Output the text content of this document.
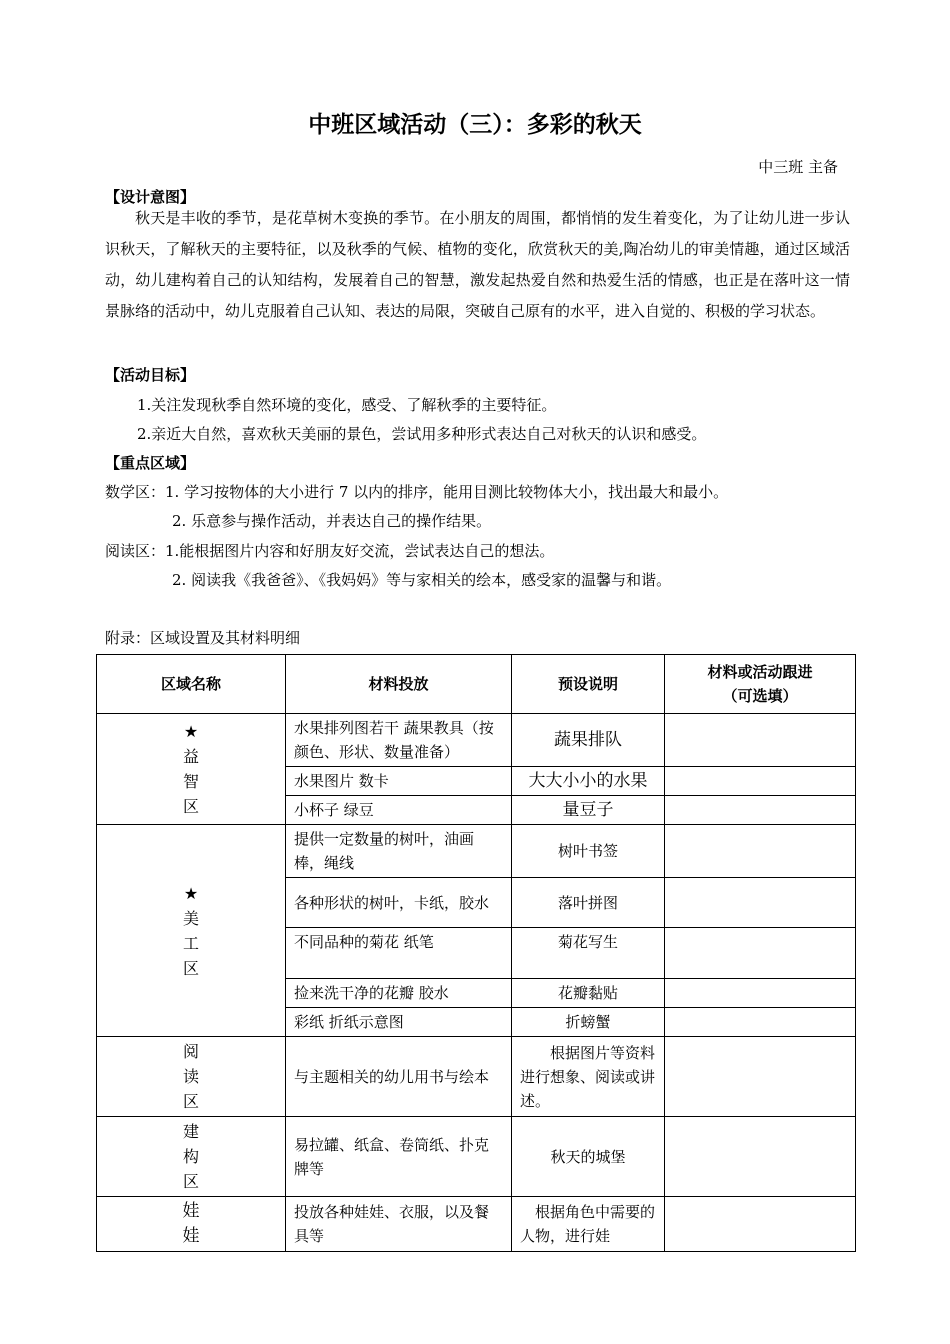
中班区域活动（三）：多彩的秋天
中三班 主备
【设计意图】
秋天是丰收的季节，是花草树木变换的季节。在小朋友的周围，都悄悄的发生着变化，为了让幼儿进一步认识秋天，了解秋天的主要特征，以及秋季的气候、植物的变化，欣赏秋天的美,陶冶幼儿的审美情趣，通过区域活动，幼儿建构着自己的认知结构，发展着自己的智慧，激发起热爱自然和热爱生活的情感，也正是在落叶这一情景脉络的活动中，幼儿克服着自己认知、表达的局限，突破自己原有的水平，进入自觉的、积极的学习状态。
【活动目标】
1.关注发现秋季自然环境的变化，感受、了解秋季的主要特征。
2.亲近大自然，喜欢秋天美丽的景色，尝试用多种形式表达自己对秋天的认识和感受。
【重点区域】
数学区：1. 学习按物体的大小进行 7 以内的排序，能用目测比较物体大小，找出最大和最小。
2. 乐意参与操作活动，并表达自己的操作结果。
阅读区：1.能根据图片内容和好朋友好交流，尝试表达自己的想法。
2. 阅读我《我爸爸》、《我妈妈》等与家相关的绘本，感受家的温馨与和谐。
附录：区域设置及其材料明细
区域名称	材料投放	预设说明	材料或活动跟进
（可选填）

★
益
智
区	水果排列图若干 蔬果教具（按颜色、形状、数量准备）	蔬果排队	
	水果图片 数卡	大大小小的水果	
	小杯子 绿豆	量豆子	

★
美
工
区	提供一定数量的树叶，油画棒，绳线	树叶书签	
	各种形状的树叶，卡纸，胶水	落叶拼图	
	不同品种的菊花 纸笔	菊花写生	
	捡来洗干净的花瓣 胶水	花瓣黏贴	
	彩纸 折纸示意图	折螃蟹	

阅
读
区	与主题相关的幼儿用书与绘本	根据图片等资料进行想象、阅读或讲述。	

建
构
区	易拉罐、纸盒、卷筒纸、扑克牌等	秋天的城堡	

娃
娃	投放各种娃娃、衣服，以及餐具等	根据角色中需要的人物，进行娃	
